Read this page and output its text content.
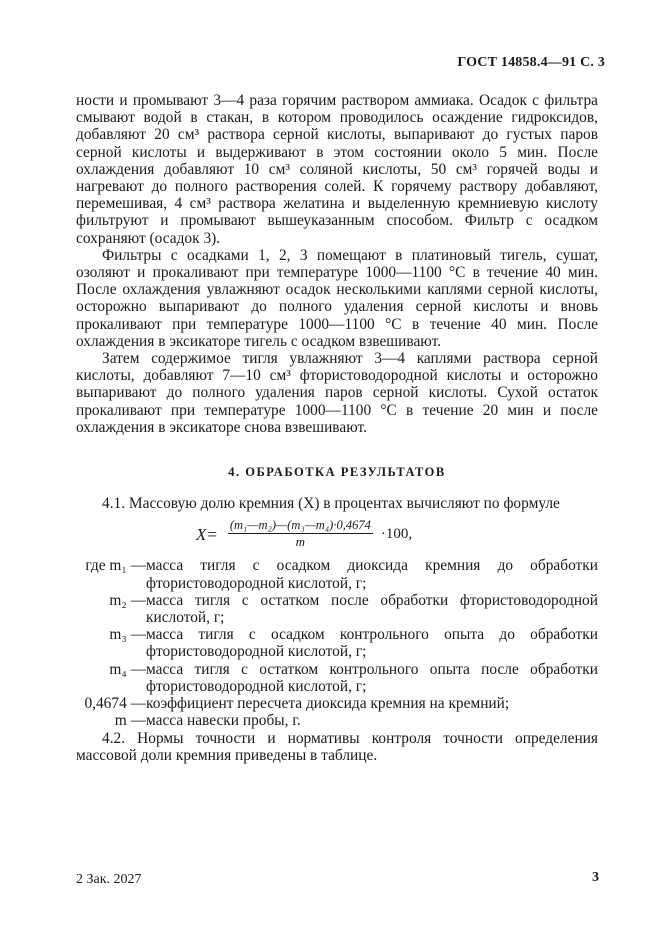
ГОСТ 14858.4—91 С. 3

ности и промывают 3—4 раза горячим раствором аммиака. Осадок с фильтра смывают водой в стакан, в котором проводилось осаждение гидроксидов, добавляют 20 см³ раствора серной кислоты, выпаривают до густых паров серной кислоты и выдерживают в этом состоянии около 5 мин. После охлаждения добавляют 10 см³ соляной кислоты, 50 см³ горячей воды и нагревают до полного растворения солей. К горячему раствору добавляют, перемешивая, 4 см³ раствора желатина и выделенную кремниевую кислоту фильтруют и промывают вышеуказанным способом. Фильтр с осадком сохраняют (осадок 3).

Фильтры с осадками 1, 2, 3 помещают в платиновый тигель, сушат, озоляют и прокаливают при температуре 1000—1100 °С в течение 40 мин. После охлаждения увлажняют осадок несколькими каплями серной кислоты, осторожно выпаривают до полного удаления серной кислоты и вновь прокаливают при температуре 1000—1100 °С в течение 40 мин. После охлаждения в эксикаторе тигель с осадком взвешивают.

Затем содержимое тигля увлажняют 3—4 каплями раствора серной кислоты, добавляют 7—10 см³ фтористоводородной кислоты и осторожно выпаривают до полного удаления паров серной кислоты. Сухой остаток прокаливают при температуре 1000—1100 °С в течение 20 мин и после охлаждения в эксикаторе снова взвешивают.

4. ОБРАБОТКА РЕЗУЛЬТАТОВ

4.1. Массовую долю кремния (X) в процентах вычисляют по формуле

$X= \frac{\text{(m₁—m₂)—(m₃—m₄)·0,4674}}{m} \cdot 100$,
где m₁ — масса тигля с осадком диоксида кремния до обработки фтористоводородной кислотой, г;
m₂ — масса тигля с остатком после обработки фтористоводородной кислотой, г;
m₃ — масса тигля с осадком контрольного опыта до обработки фтористоводородной кислотой, г;
m₄ — масса тигля с остатком контрольного опыта после обработки фтористоводородной кислотой, г;
0,4674 — коэффициент пересчета диоксида кремния на кремний;
m — масса навески пробы, г.

4.2. Нормы точности и нормативы контроля точности определения массовой доли кремния приведены в таблице.

2 Зак. 2027	3
